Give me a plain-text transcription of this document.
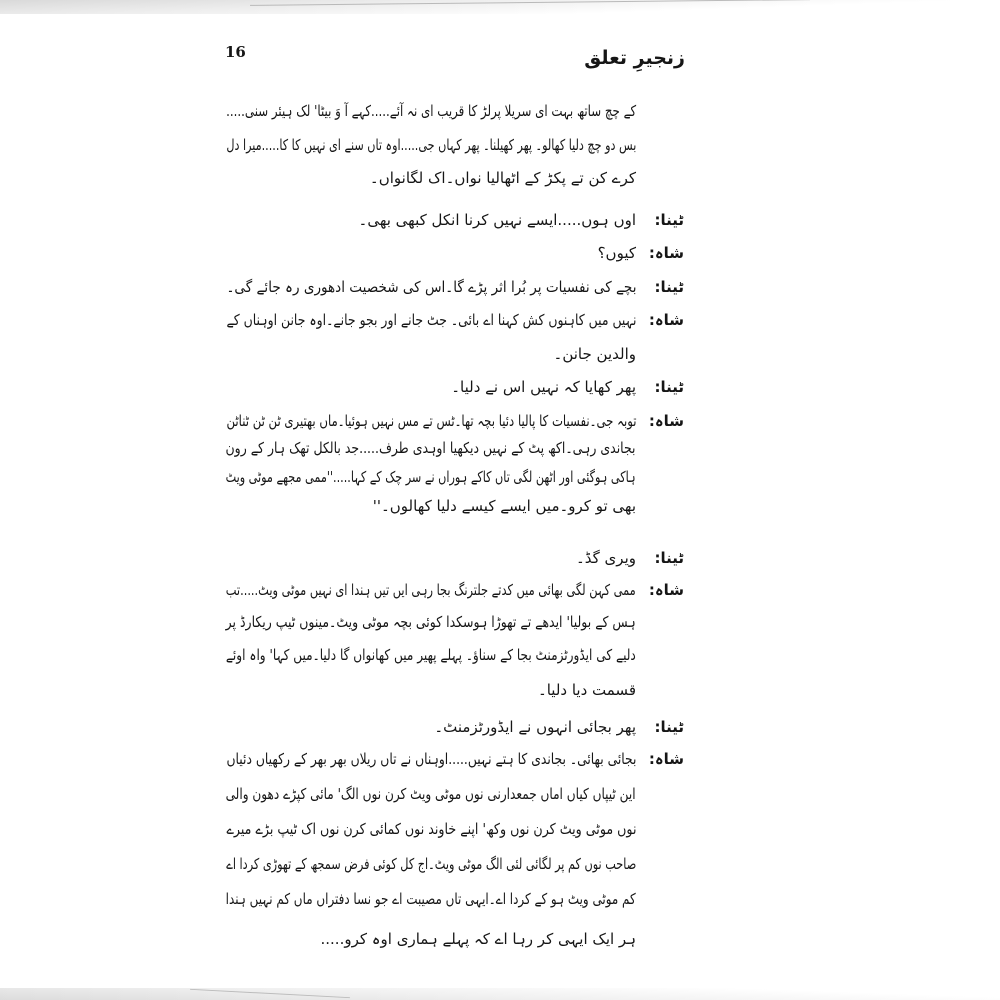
16	زنجیرِ تعلق
کے چچ ساتھ بہت ای سریلا پرلڑ کا قریب ای نہ آئے.....کہے آ وَ بیٹا' لک ہیئر سنی.....
بس دو چچ دلیا کھالو۔ پھر کھیلنا۔ پھر کہاں جی.....اوہ تاں سنے ای نہیں کا کا.....میرا دل
کرے کن تے پکڑ کے اٹھالیا نواں۔اک لگانواں۔
ٹینا:
اوں ہوں.....ایسے نہیں کرنا انکل کبھی بھی۔
شاہ:
کیوں؟
ٹینا:
بچے کی نفسیات پر بُرا اثر پڑے گا۔اس کی شخصیت ادھوری رہ جائے گی۔
شاہ:
نہیں میں کاہنوں کش کہنا اے بائی۔ جٹ جانے اور بجو جانے۔اوہ جانن اوہناں کے
والدین جانن۔
ٹینا:
پھر کھایا کہ نہیں اس نے دلیا۔
شاہ:
توبہ جی۔نفسیات کا پالیا دئیا بچہ تھا۔ٹس تے مس نہیں ہوئیا۔ماں بھتیری ٹن ٹن ٹناٹن
بجاندی رہی۔اکھ پٹ کے نہیں دیکھیا اوہدی طرف.....جد بالکل تھک ہار کے رون
ہاکی ہوگئی اور اٹھن لگی تاں کاکے ہوراں نے سر چک کے کہا.....''ممی مجھے موٹی ویٹ
بھی تو کرو۔میں ایسے کیسے دلیا کھالوں۔''
ٹینا:
ویری گڈ۔
شاہ:
ممی کہن لگی بھائی میں کدتے جلترنگ بجا رہی ایں تیں ہندا ای نہیں موٹی ویٹ.....تب
ہس کے بولیا' ایدھے تے تھوڑا ہوسکدا کوئی بچہ موٹی ویٹ۔مینوں ٹیپ ریکارڈ پر
دلیے کی ایڈورٹزمنٹ بجا کے سناؤ۔ پہلے پھیر میں کھانواں گا دلیا۔میں کہا' واہ اوئے
قسمت دیا دلیا۔
ٹینا:
پھر بجائی انہوں نے ایڈورٹزمنٹ۔
شاہ:
بجائی بھائی۔ بجاندی کا ہتے نہیں.....اوہناں نے تاں ریلاں بھر بھر کے رکھیاں دئیاں
این ٹیپاں کیاں اماں جمعدارنی نوں موٹی ویٹ کرن نوں الگ' مائی کپڑے دھون والی
نوں موٹی ویٹ کرن نوں وکھ' اپنے خاوند نوں کمائی کرن نوں اک ٹیپ بڑے میرے
صاحب نوں کم پر لگائی لئی الگ موٹی ویٹ۔اج کل کوئی فرض سمجھ کے تھوڑی کردا اے
کم موٹی ویٹ ہو کے کردا اے۔ایہی تاں مصیبت اے جو نسا دفتراں ماں کم نہیں ہندا
ہر ایک ایہی کر رہا اے کہ پہلے ہماری اوہ کرو.....
